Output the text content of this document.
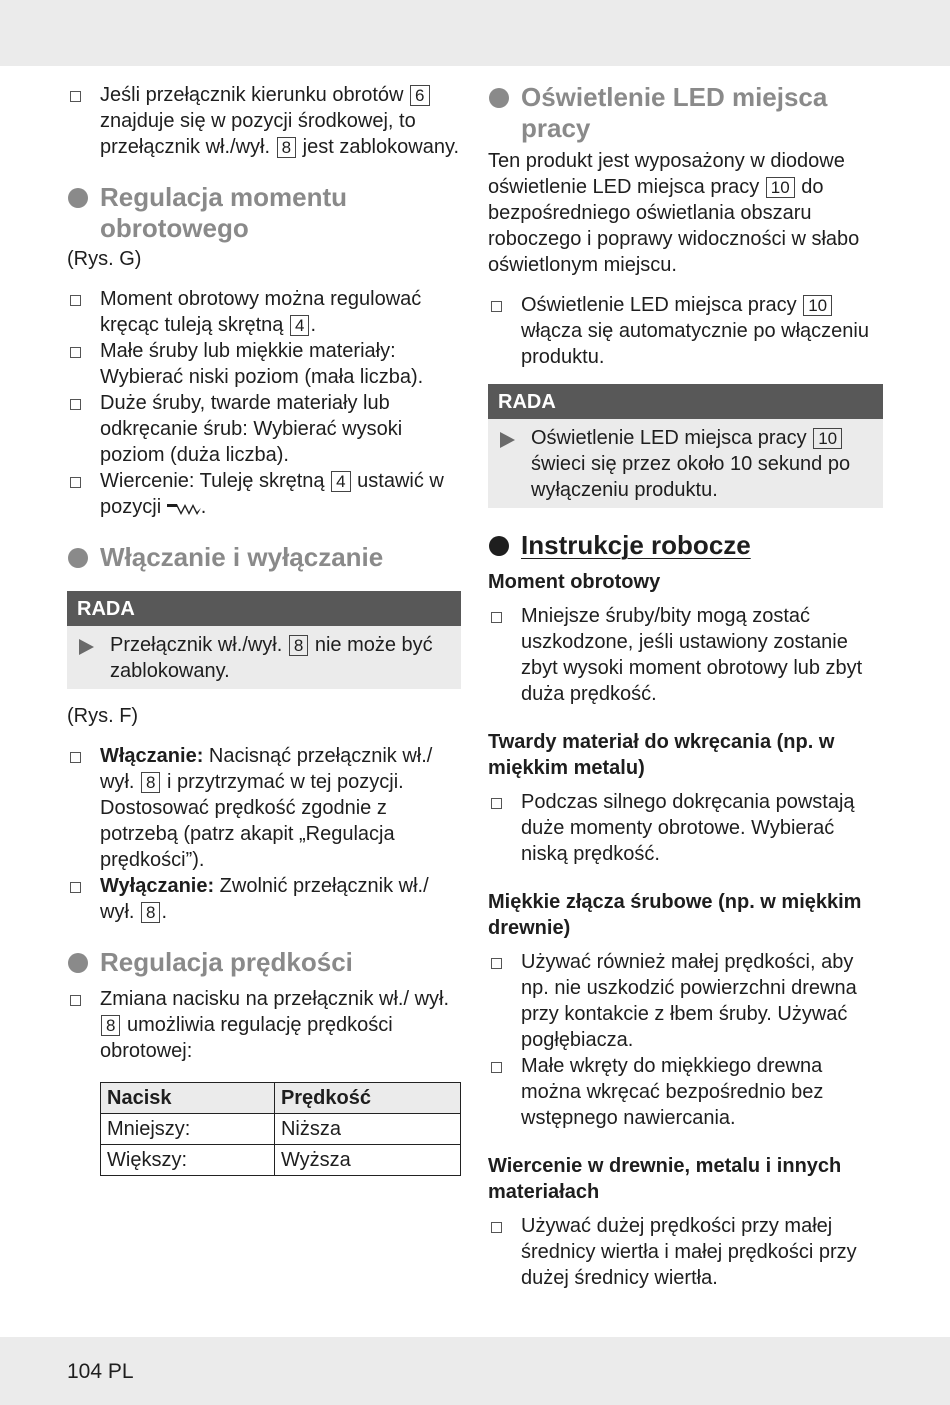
Jeśli przełącznik kierunku obrotów 6 znajduje się w pozycji środkowej, to przełącznik wł./wył. 8 jest zablokowany.
Regulacja momentu obrotowego

(Rys. G)

Moment obrotowy można regulować kręcąc tuleją skrętną 4 .
Małe śruby lub miękkie materiały: Wybierać niski poziom (mała liczba).
Duże śruby, twarde materiały lub odkręcanie śrub: Wybierać wysoki poziom (duża liczba).
Wiercenie: Tuleję skrętną 4 ustawić w pozycji .
Włączanie i wyłączanie
RADA
Przełącznik wł./wył. 8 nie może być zablokowany.

(Rys. F)

Włączanie: Nacisnąć przełącznik wł./ wył. 8 i przytrzymać w tej pozycji. Dostosować prędkość zgodnie z potrzebą (patrz akapit „Regulacja prędkości”).
Wyłączanie: Zwolnić przełącznik wł./ wył. 8 .
Regulacja prędkości
Zmiana nacisku na przełącznik wł./ wył. 8 umożliwia regulację prędkości obrotowej:
Nacisk	Prędkość
Mniejszy:	Niższa
Większy:	Wyższa
Oświetlenie LED miejsca pracy

Ten produkt jest wyposażony w diodowe oświetlenie LED miejsca pracy 10 do bezpośredniego oświetlania obszaru roboczego i poprawy widoczności w słabo oświetlonym miejscu.

Oświetlenie LED miejsca pracy 10 włącza się automatycznie po włączeniu produktu.
RADA
Oświetlenie LED miejsca pracy 10 świeci się przez około 10 sekund po wyłączeniu produktu.
Instrukcje robocze
Moment obrotowy
Mniejsze śruby/bity mogą zostać uszkodzone, jeśli ustawiony zostanie zbyt wysoki moment obrotowy lub zbyt duża prędkość.
Twardy materiał do wkręcania (np. w miękkim metalu)
Podczas silnego dokręcania powstają duże momenty obrotowe. Wybierać niską prędkość.
Miękkie złącza śrubowe (np. w miękkim drewnie)
Używać również małej prędkości, aby np. nie uszkodzić powierzchni drewna przy kontakcie z łbem śruby. Używać pogłębiacza.
Małe wkręty do miękkiego drewna można wkręcać bezpośrednio bez wstępnego nawiercania.
Wiercenie w drewnie, metalu i innych materiałach
Używać dużej prędkości przy małej średnicy wiertła i małej prędkości przy dużej średnicy wiertła.
104 PL
